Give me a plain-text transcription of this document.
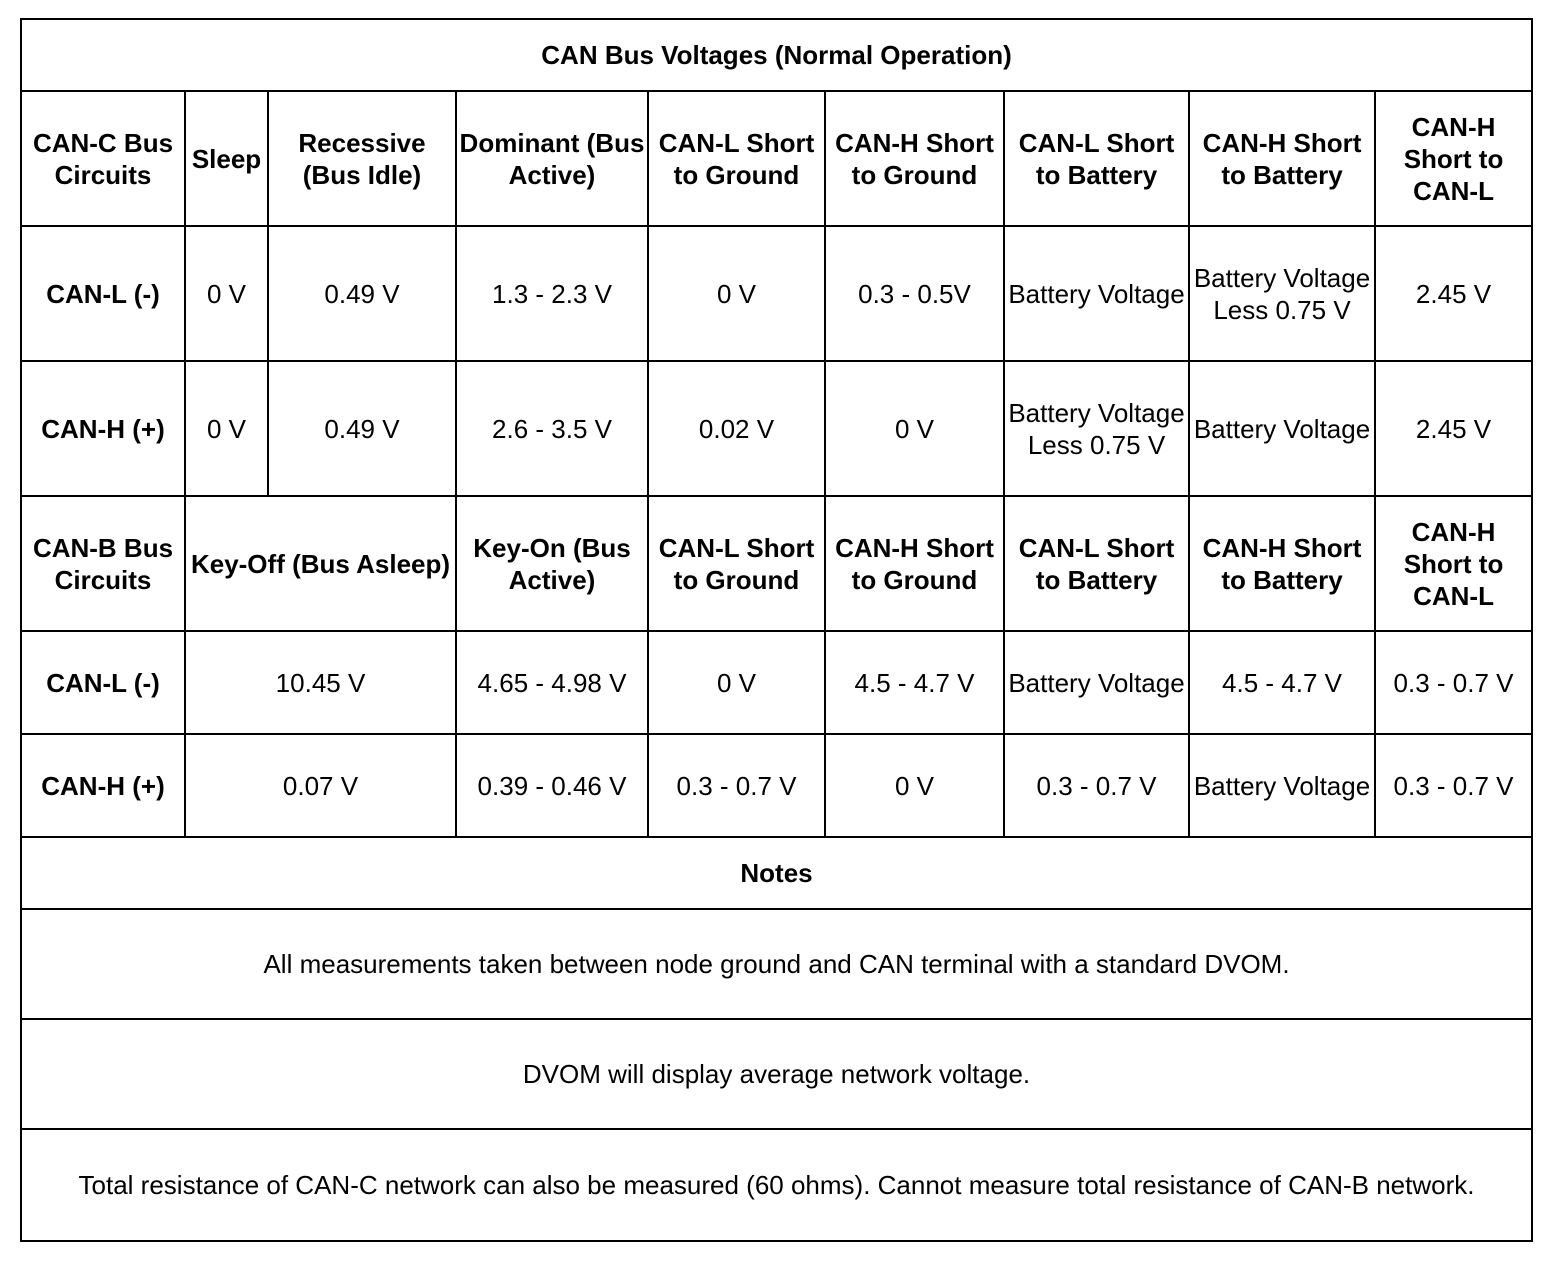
CAN Bus Voltages (Normal Operation)								
CAN-C Bus Circuits	Sleep	Recessive (Bus Idle)	Dominant (Bus Active)	CAN-L Short to Ground	CAN-H Short to Ground	CAN-L Short to Battery	CAN-H Short to Battery	CAN-H Short to CAN-L
CAN-L (-)	0 V	0.49 V	1.3 - 2.3 V	0 V	0.3 - 0.5V	Battery Voltage	Battery Voltage Less 0.75 V	2.45 V
CAN-H (+)	0 V	0.49 V	2.6 - 3.5 V	0.02 V	0 V	Battery Voltage Less 0.75 V	Battery Voltage	2.45 V
CAN-B Bus Circuits	Key-Off (Bus Asleep)		Key-On (Bus Active)	CAN-L Short to Ground	CAN-H Short to Ground	CAN-L Short to Battery	CAN-H Short to Battery	CAN-H Short to CAN-L
CAN-L (-)	10.45 V		4.65 - 4.98 V	0 V	4.5 - 4.7 V	Battery Voltage	4.5 - 4.7 V	0.3 - 0.7 V
CAN-H (+)	0.07 V		0.39 - 0.46 V	0.3 - 0.7 V	0 V	0.3 - 0.7 V	Battery Voltage	0.3 - 0.7 V
Notes								
All measurements taken between node ground and CAN terminal with a standard DVOM.								
DVOM will display average network voltage.								
Total resistance of CAN-C network can also be measured (60 ohms). Cannot measure total resistance of CAN-B network.								
